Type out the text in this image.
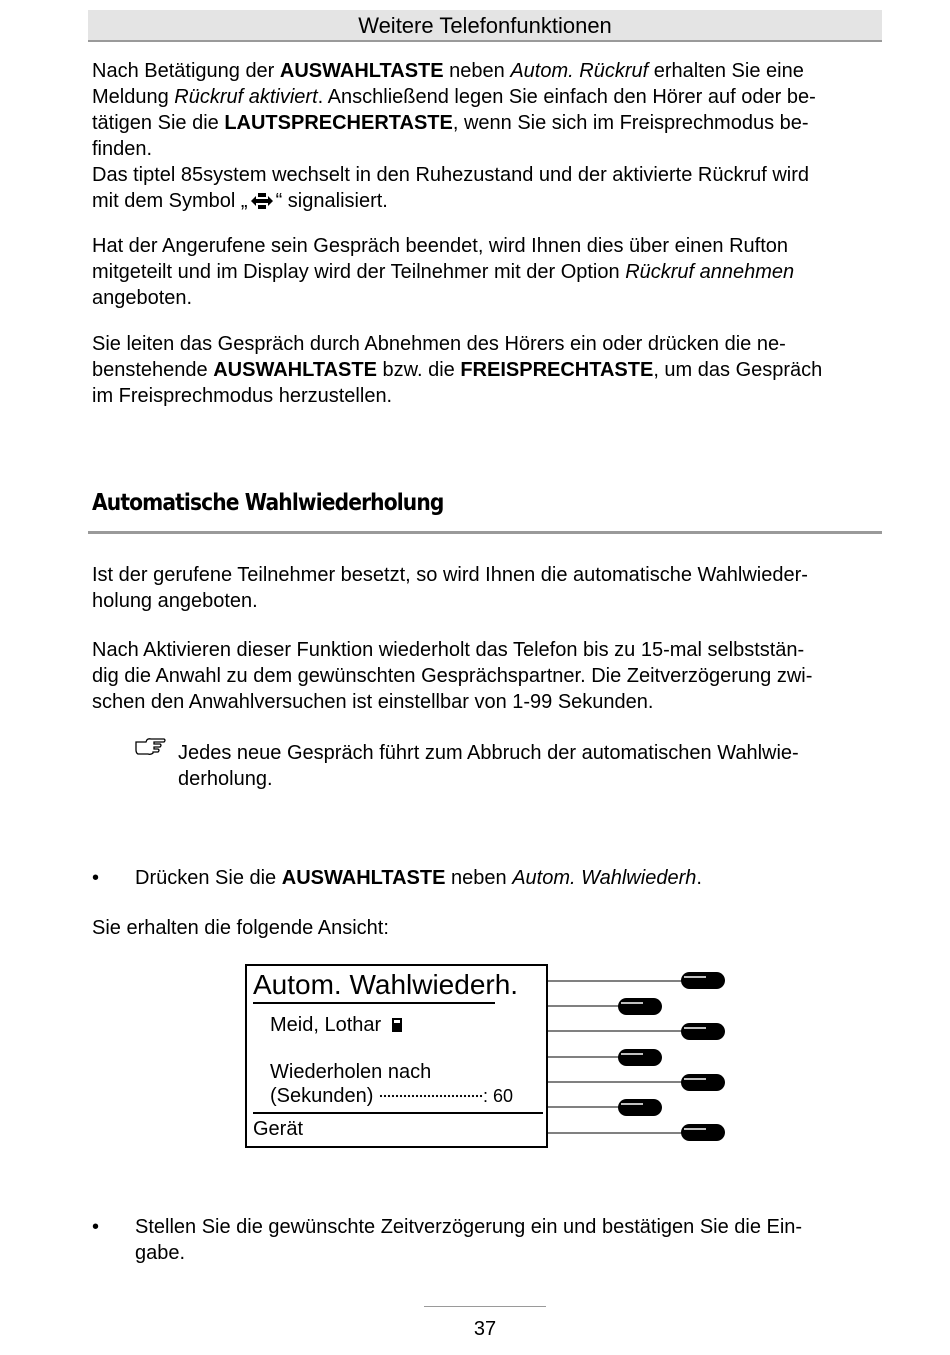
Weitere Telefonfunktionen

Nach Betätigung der AUSWAHLTASTE neben Autom. Rückruf erhalten Sie eine
Meldung Rückruf aktiviert. Anschließend legen Sie einfach den Hörer auf oder be-
tätigen Sie die LAUTSPRECHERTASTE, wenn Sie sich im Freisprechmodus be-
finden.
Das tiptel 85system wechselt in den Ruhezustand und der aktivierte Rückruf wird
mit dem Symbol „ “ signalisiert.

Hat der Angerufene sein Gespräch beendet, wird Ihnen dies über einen Rufton
mitgeteilt und im Display wird der Teilnehmer mit der Option Rückruf annehmen
angeboten.

Sie leiten das Gespräch durch Abnehmen des Hörers ein oder drücken die ne-
benstehende AUSWAHLTASTE bzw. die FREISPRECHTASTE, um das Gespräch
im Freisprechmodus herzustellen.

Automatische Wahlwiederholung

Ist der gerufene Teilnehmer besetzt, so wird Ihnen die automatische Wahlwieder-
holung angeboten.

Nach Aktivieren dieser Funktion wiederholt das Telefon bis zu 15-mal selbststän-
dig die Anwahl zu dem gewünschten Gesprächspartner. Die Zeitverzögerung zwi-
schen den Anwahlversuchen ist einstellbar von 1-99 Sekunden.

Jedes neue Gespräch führt zum Abbruch der automatischen Wahlwie-
derholung.

• Drücken Sie die AUSWAHLTASTE neben Autom. Wahlwiederh.

Sie erhalten die folgende Ansicht:

Autom. Wahlwiederh.
Meid, Lothar
Wiederholen nach
(Sekunden)	: 60
Gerät
• Stellen Sie die gewünschte Zeitverzögerung ein und bestätigen Sie die Ein-
gabe.

37
